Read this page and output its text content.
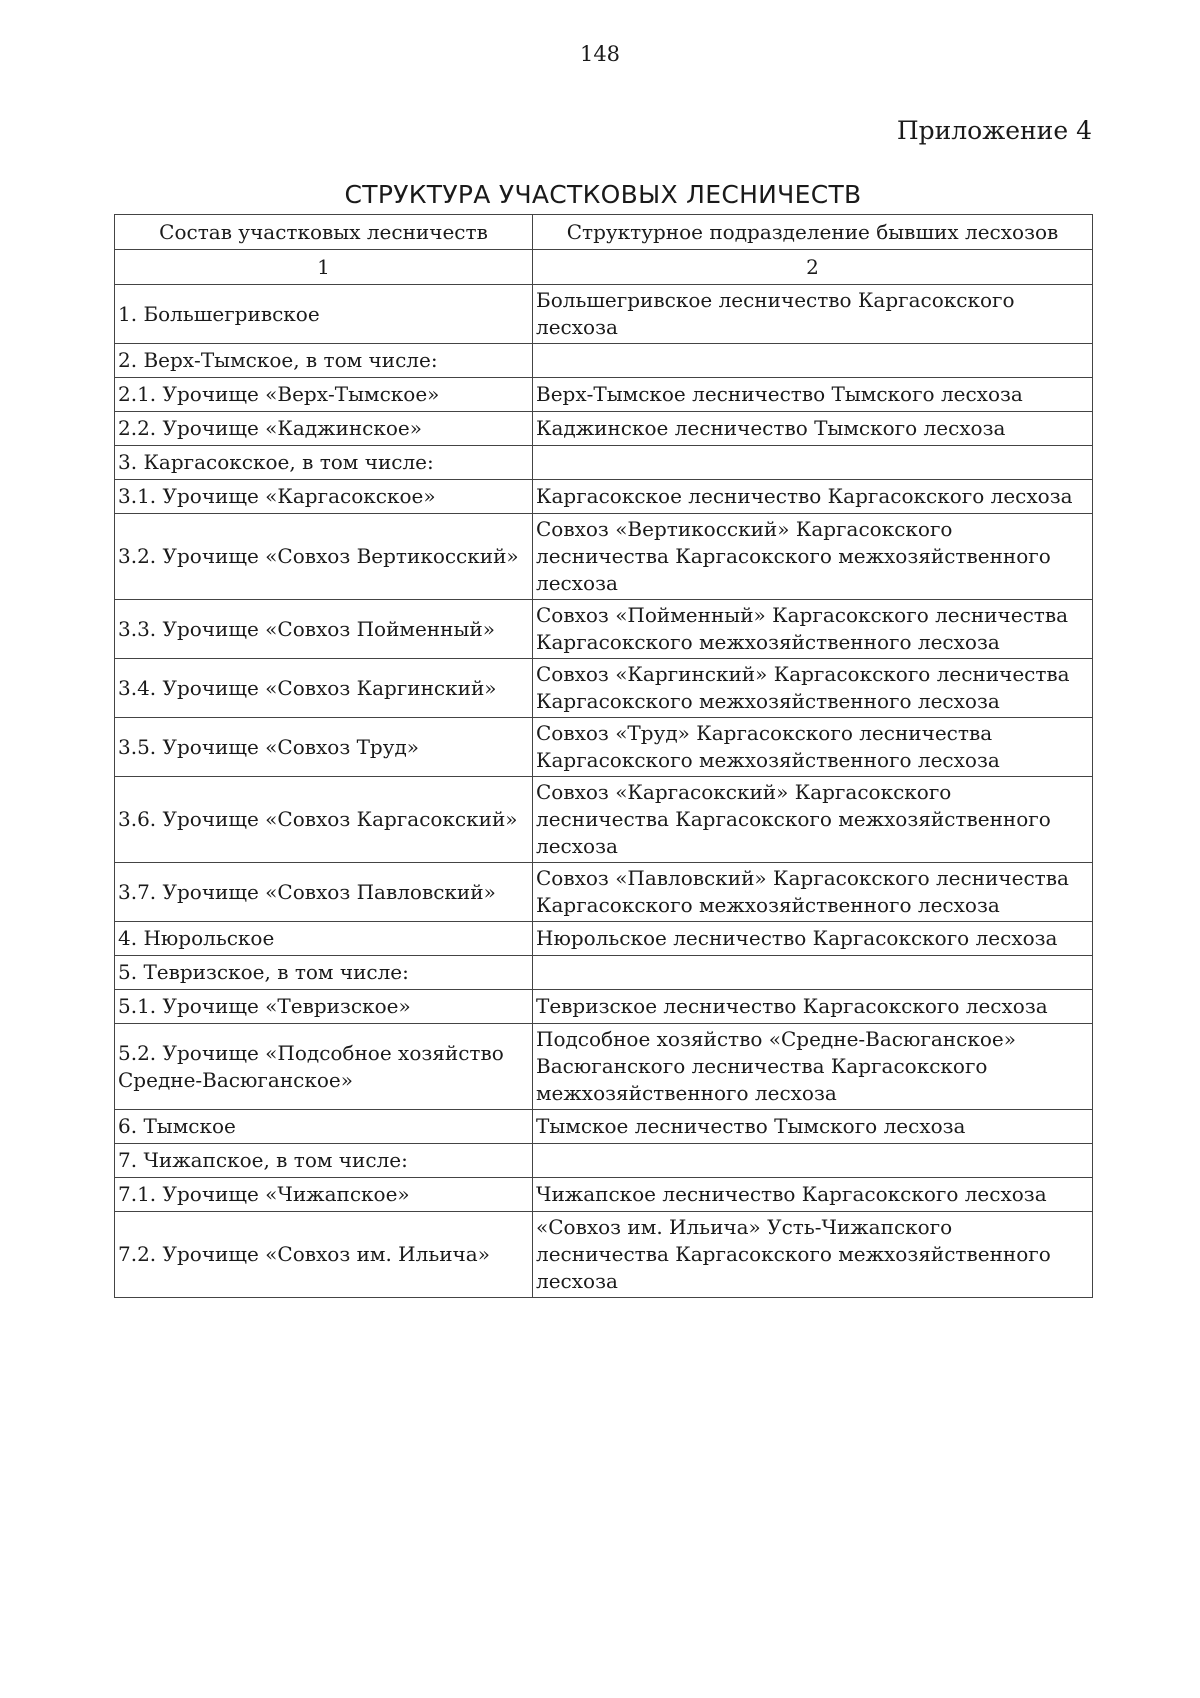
148
Приложение 4
СТРУКТУРА УЧАСТКОВЫХ ЛЕСНИЧЕСТВ
Состав участковых лесничеств	Структурное подразделение бывших лесхозов
1	2
1. Большегривское	Большегривское лесничество Каргасокского лесхоза
2. Верх-Тымское, в том числе:	
2.1. Урочище «Верх-Тымское»	Верх-Тымское лесничество Тымского лесхоза
2.2. Урочище «Каджинское»	Каджинское лесничество Тымского лесхоза
3. Каргасокское, в том числе:	
3.1. Урочище «Каргасокское»	Каргасокское лесничество Каргасокского лесхоза
3.2. Урочище «Совхоз Вертикосский»	Совхоз «Вертикосский» Каргасокского лесничества Каргасокского межхозяйственного лесхоза
3.3. Урочище «Совхоз Пойменный»	Совхоз «Пойменный» Каргасокского лесничества Каргасокского межхозяйственного лесхоза
3.4. Урочище «Совхоз Каргинский»	Совхоз «Каргинский» Каргасокского лесничества Каргасокского межхозяйственного лесхоза
3.5. Урочище «Совхоз Труд»	Совхоз «Труд» Каргасокского лесничества Каргасокского межхозяйственного лесхоза
3.6. Урочище «Совхоз Каргасокский»	Совхоз «Каргасокский» Каргасокского лесничества Каргасокского межхозяйственного лесхоза
3.7. Урочище «Совхоз Павловский»	Совхоз «Павловский» Каргасокского лесничества Каргасокского межхозяйственного лесхоза
4. Нюрольское	Нюрольское лесничество Каргасокского лесхоза
5. Тевризское, в том числе:	
5.1. Урочище «Тевризское»	Тевризское лесничество Каргасокского лесхоза
5.2. Урочище «Подсобное хозяйство Средне-Васюганское»	Подсобное хозяйство «Средне-Васюганское» Васюганского лесничества Каргасокского межхозяйственного лесхоза
6. Тымское	Тымское лесничество Тымского лесхоза
7. Чижапское, в том числе:	
7.1. Урочище «Чижапское»	Чижапское лесничество Каргасокского лесхоза
7.2. Урочище «Совхоз им. Ильича»	«Совхоз им. Ильича» Усть-Чижапского лесничества Каргасокского межхозяйственного лесхоза
